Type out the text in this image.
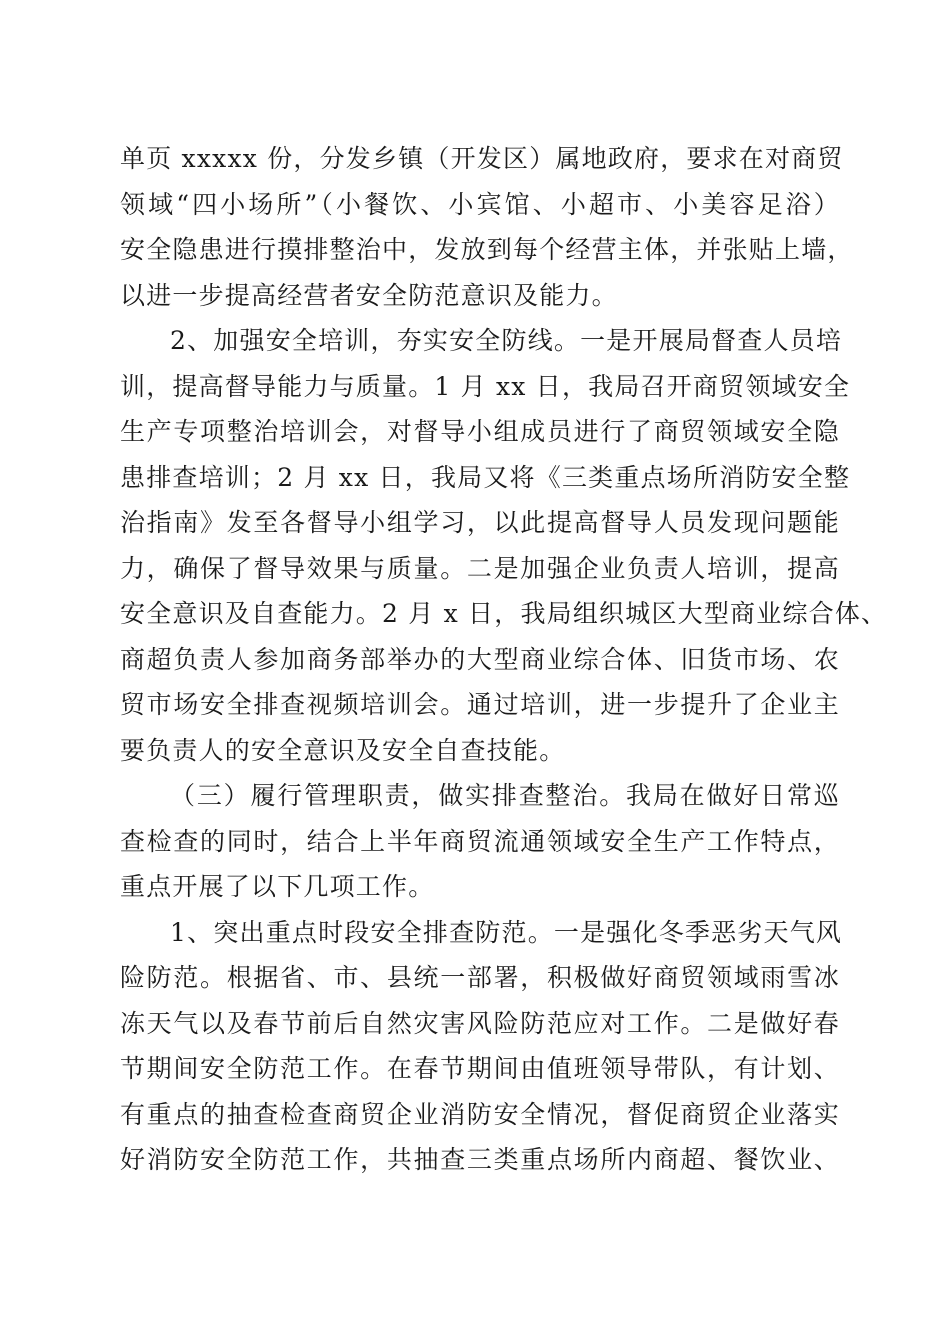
单页 xxxxx 份，分发乡镇（开发区）属地政府，要求在对商贸
领域“四小场所”（小餐饮、小宾馆、小超市、小美容足浴）
安全隐患进行摸排整治中，发放到每个经营主体，并张贴上墙，
以进一步提高经营者安全防范意识及能力。

2、加强安全培训，夯实安全防线。一是开展局督查人员培
训，提高督导能力与质量。1 月 xx 日，我局召开商贸领域安全
生产专项整治培训会，对督导小组成员进行了商贸领域安全隐
患排查培训；2 月 xx 日，我局又将《三类重点场所消防安全整
治指南》发至各督导小组学习，以此提高督导人员发现问题能
力，确保了督导效果与质量。二是加强企业负责人培训，提高
安全意识及自查能力。2 月 x 日，我局组织城区大型商业综合体、
商超负责人参加商务部举办的大型商业综合体、旧货市场、农
贸市场安全排查视频培训会。通过培训，进一步提升了企业主
要负责人的安全意识及安全自查技能。

（三）履行管理职责，做实排查整治。我局在做好日常巡
查检查的同时，结合上半年商贸流通领域安全生产工作特点，
重点开展了以下几项工作。

1、突出重点时段安全排查防范。一是强化冬季恶劣天气风
险防范。根据省、市、县统一部署，积极做好商贸领域雨雪冰
冻天气以及春节前后自然灾害风险防范应对工作。二是做好春
节期间安全防范工作。在春节期间由值班领导带队，有计划、
有重点的抽查检查商贸企业消防安全情况，督促商贸企业落实
好消防安全防范工作，共抽查三类重点场所内商超、餐饮业、
